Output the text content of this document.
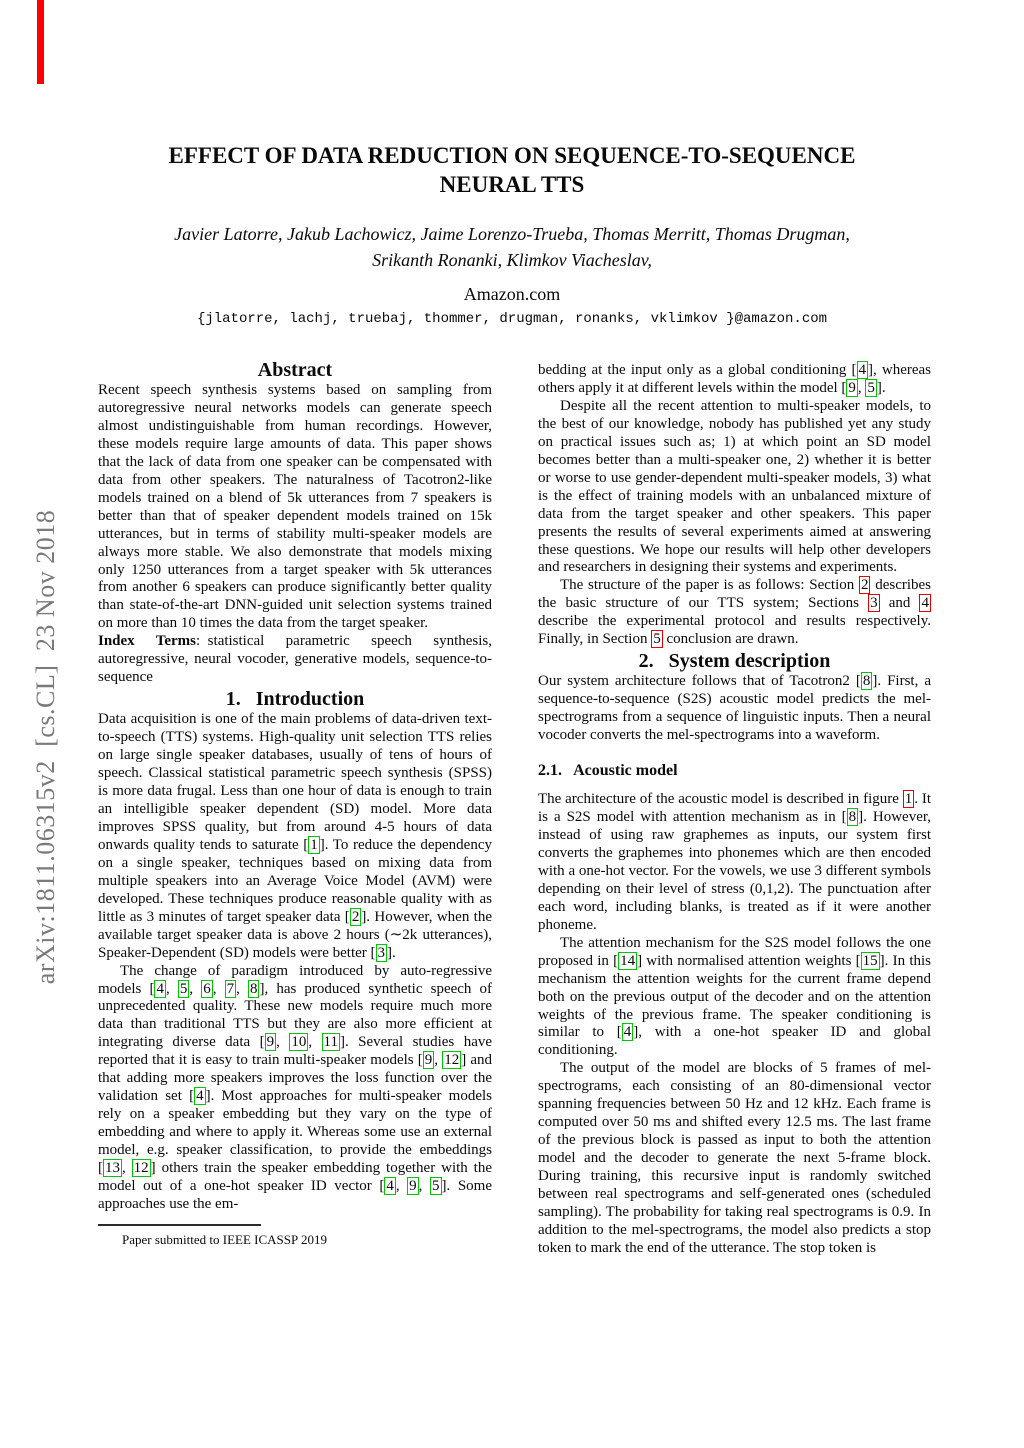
arXiv:1811.06315v2 [cs.CL] 23 Nov 2018
EFFECT OF DATA REDUCTION ON SEQUENCE-TO-SEQUENCE
NEURAL TTS
Javier Latorre, Jakub Lachowicz, Jaime Lorenzo-Trueba, Thomas Merritt, Thomas Drugman,
Srikanth Ronanki, Klimkov Viacheslav,
Amazon.com
{jlatorre, lachj, truebaj, thommer, drugman, ronanks, vklimkov }@amazon.com
Abstract

Recent speech synthesis systems based on sampling from autoregressive neural networks models can generate speech almost undistinguishable from human recordings. However, these models require large amounts of data. This paper shows that the lack of data from one speaker can be compensated with data from other speakers. The naturalness of Tacotron2-like models trained on a blend of 5k utterances from 7 speakers is better than that of speaker dependent models trained on 15k utterances, but in terms of stability multi-speaker models are always more stable. We also demonstrate that models mixing only 1250 utterances from a target speaker with 5k utterances from another 6 speakers can produce significantly better quality than state-of-the-art DNN-guided unit selection systems trained on more than 10 times the data from the target speaker.

Index Terms: statistical parametric speech synthesis, autoregressive, neural vocoder, generative models, sequence-to-sequence

1.  Introduction

Data acquisition is one of the main problems of data-driven text-to-speech (TTS) systems. High-quality unit selection TTS relies on large single speaker databases, usually of tens of hours of speech. Classical statistical parametric speech synthesis (SPSS) is more data frugal. Less than one hour of data is enough to train an intelligible speaker dependent (SD) model. More data improves SPSS quality, but from around 4-5 hours of data onwards quality tends to saturate [ 1 ]. To reduce the dependency on a single speaker, techniques based on mixing data from multiple speakers into an Average Voice Model (AVM) were developed. These techniques produce reasonable quality with as little as 3 minutes of target speaker data [ 2 ]. However, when the available target speaker data is above 2 hours (∼2k utterances), Speaker-Dependent (SD) models were better [ 3 ].

The change of paradigm introduced by auto-regressive models [ 4 , 5 , 6 , 7 , 8 ], has produced synthetic speech of unprecedented quality. These new models require much more data than traditional TTS but they are also more efficient at integrating diverse data [ 9 , 10 , 11 ]. Several studies have reported that it is easy to train multi-speaker models [ 9 , 12 ] and that adding more speakers improves the loss function over the validation set [ 4 ]. Most approaches for multi-speaker models rely on a speaker embedding but they vary on the type of embedding and where to apply it. Whereas some use an external model, e.g. speaker classification, to provide the embeddings [ 13 , 12 ] others train the speaker embedding together with the model out of a one-hot speaker ID vector [ 4 , 9 , 5 ]. Some approaches use the em-

Paper submitted to IEEE ICASSP 2019

bedding at the input only as a global conditioning [ 4 ], whereas others apply it at different levels within the model [ 9 , 5 ].

Despite all the recent attention to multi-speaker models, to the best of our knowledge, nobody has published yet any study on practical issues such as; 1) at which point an SD model becomes better than a multi-speaker one, 2) whether it is better or worse to use gender-dependent multi-speaker models, 3) what is the effect of training models with an unbalanced mixture of data from the target speaker and other speakers. This paper presents the results of several experiments aimed at answering these questions. We hope our results will help other developers and researchers in designing their systems and experiments.

The structure of the paper is as follows: Section 2 describes the basic structure of our TTS system; Sections 3 and 4 describe the experimental protocol and results respectively. Finally, in Section 5 conclusion are drawn.

2.  System description

Our system architecture follows that of Tacotron2 [ 8 ]. First, a sequence-to-sequence (S2S) acoustic model predicts the mel-spectrograms from a sequence of linguistic inputs. Then a neural vocoder converts the mel-spectrograms into a waveform.

2.1.  Acoustic model

The architecture of the acoustic model is described in figure 1 . It is a S2S model with attention mechanism as in [ 8 ]. However, instead of using raw graphemes as inputs, our system first converts the graphemes into phonemes which are then encoded with a one-hot vector. For the vowels, we use 3 different symbols depending on their level of stress (0,1,2). The punctuation after each word, including blanks, is treated as if it were another phoneme.

The attention mechanism for the S2S model follows the one proposed in [ 14 ] with normalised attention weights [ 15 ]. In this mechanism the attention weights for the current frame depend both on the previous output of the decoder and on the attention weights of the previous frame. The speaker conditioning is similar to [ 4 ], with a one-hot speaker ID and global conditioning.

The output of the model are blocks of 5 frames of mel-spectrograms, each consisting of an 80-dimensional vector spanning frequencies between 50 Hz and 12 kHz. Each frame is computed over 50 ms and shifted every 12.5 ms. The last frame of the previous block is passed as input to both the attention model and the decoder to generate the next 5-frame block. During training, this recursive input is randomly switched between real spectrograms and self-generated ones (scheduled sampling). The probability for taking real spectrograms is 0.9. In addition to the mel-spectrograms, the model also predicts a stop token to mark the end of the utterance. The stop token is
